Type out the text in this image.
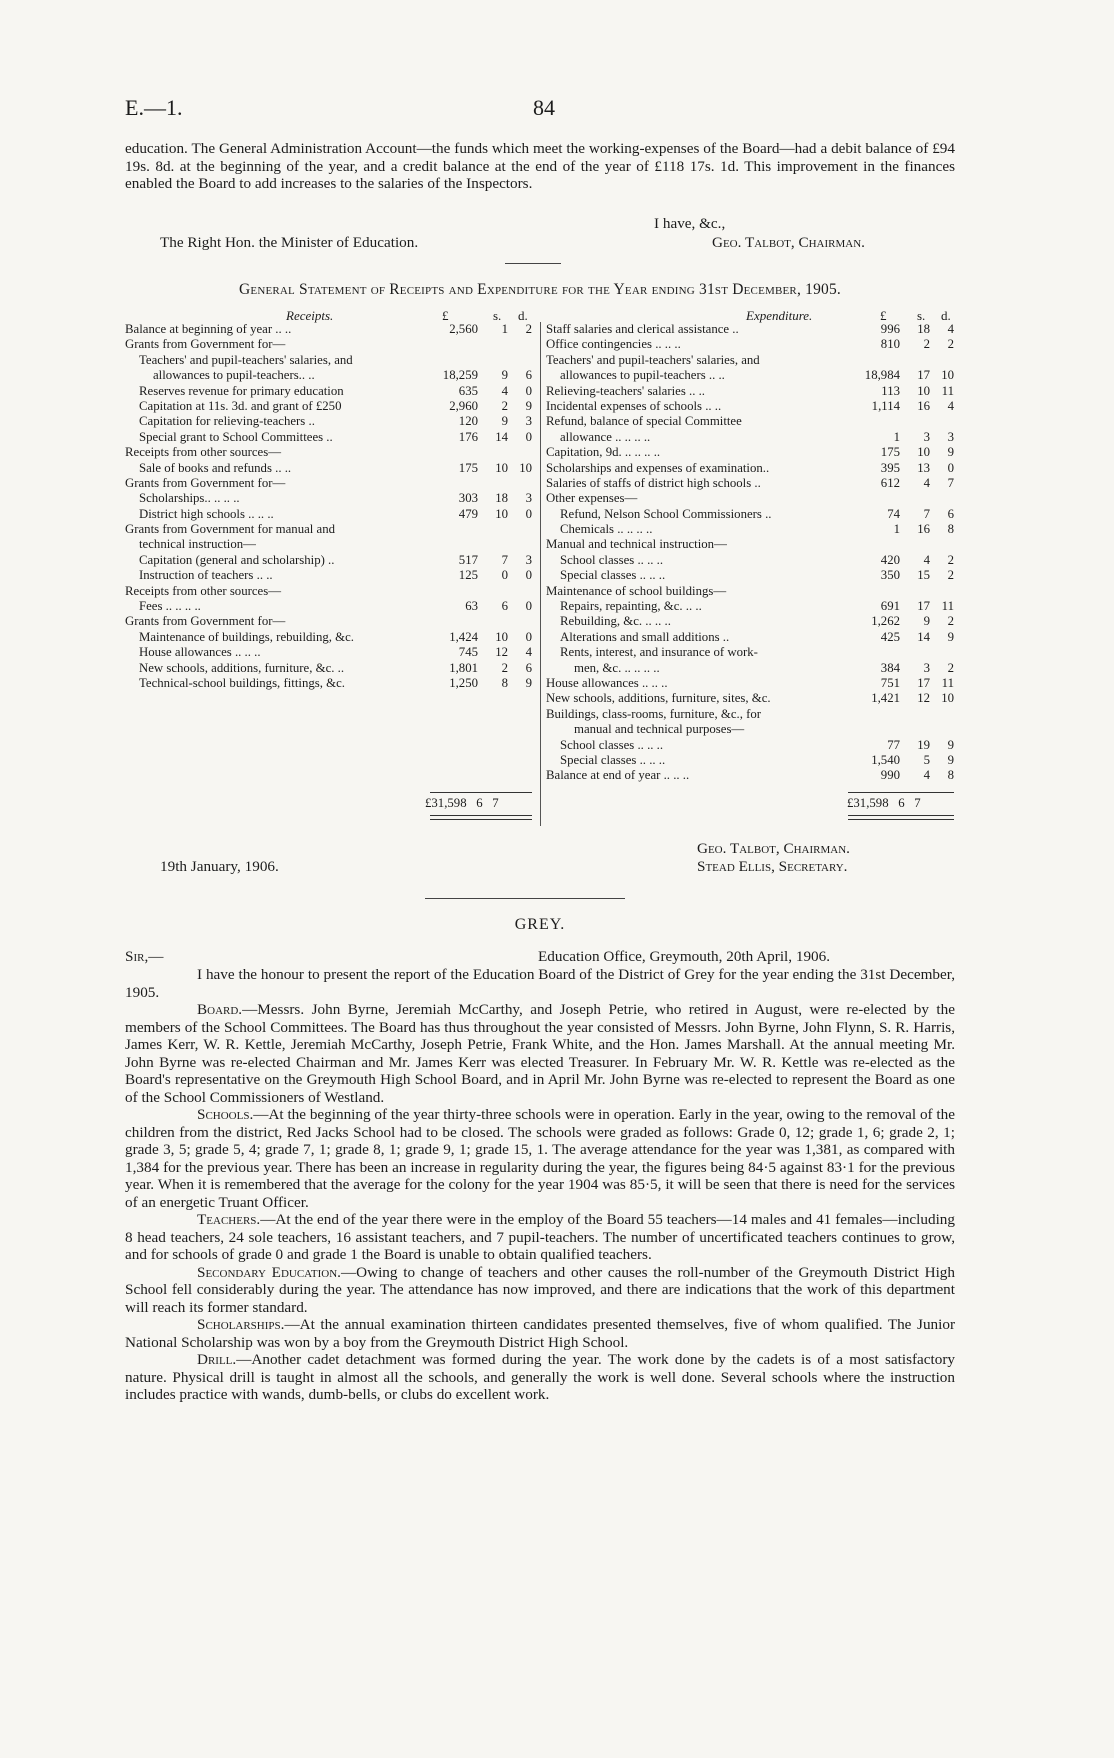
E.—1.	84

education. The General Administration Account—the funds which meet the working-expenses of the Board—had a debit balance of £94 19s. 8d. at the beginning of the year, and a credit balance at the end of the year of £118 17s. 1d. This improvement in the finances enabled the Board to add increases to the salaries of the Inspectors.

I have, &c.,
The Right Hon. the Minister of Education.	Geo. Talbot, Chairman.
General Statement of Receipts and Expenditure for the Year ending 31st December, 1905.
Receipts.	Expenditure.
£	s. d.	£ s. d.
Balance at beginning of year .. ..	2,560 1 2
Grants from Government for—
Teachers' and pupil-teachers' salaries, and
allowances to pupil-teachers.. ..	18,259 9 6
Reserves revenue for primary education	635 4 0
Capitation at 11s. 3d. and grant of £250	2,960 2 9
Capitation for relieving-teachers ..	120 9 3
Special grant to School Committees ..	176 14 0
Receipts from other sources—
Sale of books and refunds .. ..	175 10 10
Grants from Government for—
Scholarships.. .. .. ..	303 18 3
District high schools .. .. ..	479 10 0
Grants from Government for manual and
technical instruction—
Capitation (general and scholarship) ..	517 7 3
Instruction of teachers .. ..	125 0 0
Receipts from other sources—
Fees .. .. .. ..	63 6 0
Grants from Government for—
Maintenance of buildings, rebuilding, &c.	1,424 10 0
House allowances .. .. ..	745 12 4
New schools, additions, furniture, &c. ..	1,801 2 6
Technical-school buildings, fittings, &c.	1,250 8 9
Staff salaries and clerical assistance ..	996 18 4
Office contingencies .. .. ..	810 2 2
Teachers' and pupil-teachers' salaries, and
allowances to pupil-teachers .. ..	18,984 17 10
Relieving-teachers' salaries .. ..	113 10 11
Incidental expenses of schools .. ..	1,114 16 4
Refund, balance of special Committee
allowance .. .. .. ..	1 3 3
Capitation, 9d. .. .. .. ..	175 10 9
Scholarships and expenses of examination..	395 13 0
Salaries of staffs of district high schools ..	612 4 7
Other expenses—
Refund, Nelson School Commissioners ..	74 7 6
Chemicals .. .. .. ..	1 16 8
Manual and technical instruction—
School classes .. .. ..	420 4 2
Special classes .. .. ..	350 15 2
Maintenance of school buildings—
Repairs, repainting, &c. .. ..	691 17 11
Rebuilding, &c. .. .. ..	1,262 9 2
Alterations and small additions ..	425 14 9
Rents, interest, and insurance of work-
men, &c. .. .. .. ..	384 3 2
House allowances .. .. ..	751 17 11
New schools, additions, furniture, sites, &c.	1,421 12 10
Buildings, class-rooms, furniture, &c., for
manual and technical purposes—
School classes .. .. ..	77 19 9
Special classes .. .. ..	1,540 5 9
Balance at end of year .. .. ..	990 4 8
£31,598 6 7	£31,598 6 7
19th January, 1906.
Geo. Talbot, Chairman.
Stead Ellis, Secretary.
GREY.
Sir,—	Education Office, Greymouth, 20th April, 1906.

I have the honour to present the report of the Education Board of the District of Grey for the year ending the 31st December, 1905.

Board.—Messrs. John Byrne, Jeremiah McCarthy, and Joseph Petrie, who retired in August, were re-elected by the members of the School Committees. The Board has thus throughout the year consisted of Messrs. John Byrne, John Flynn, S. R. Harris, James Kerr, W. R. Kettle, Jeremiah McCarthy, Joseph Petrie, Frank White, and the Hon. James Marshall. At the annual meeting Mr. John Byrne was re-elected Chairman and Mr. James Kerr was elected Treasurer. In February Mr. W. R. Kettle was re-elected as the Board's representative on the Greymouth High School Board, and in April Mr. John Byrne was re-elected to represent the Board as one of the School Commissioners of Westland.

Schools.—At the beginning of the year thirty-three schools were in operation. Early in the year, owing to the removal of the children from the district, Red Jacks School had to be closed. The schools were graded as follows: Grade 0, 12; grade 1, 6; grade 2, 1; grade 3, 5; grade 5, 4; grade 7, 1; grade 8, 1; grade 9, 1; grade 15, 1. The average attendance for the year was 1,381, as compared with 1,384 for the previous year. There has been an increase in regularity during the year, the figures being 84·5 against 83·1 for the previous year. When it is remembered that the average for the colony for the year 1904 was 85·5, it will be seen that there is need for the services of an energetic Truant Officer.

Teachers.—At the end of the year there were in the employ of the Board 55 teachers—14 males and 41 females—including 8 head teachers, 24 sole teachers, 16 assistant teachers, and 7 pupil-teachers. The number of uncertificated teachers continues to grow, and for schools of grade 0 and grade 1 the Board is unable to obtain qualified teachers.

Secondary Education.—Owing to change of teachers and other causes the roll-number of the Greymouth District High School fell considerably during the year. The attendance has now improved, and there are indications that the work of this department will reach its former standard.

Scholarships.—At the annual examination thirteen candidates presented themselves, five of whom qualified. The Junior National Scholarship was won by a boy from the Greymouth District High School.

Drill.—Another cadet detachment was formed during the year. The work done by the cadets is of a most satisfactory nature. Physical drill is taught in almost all the schools, and generally the work is well done. Several schools where the instruction includes practice with wands, dumb-bells, or clubs do excellent work.
